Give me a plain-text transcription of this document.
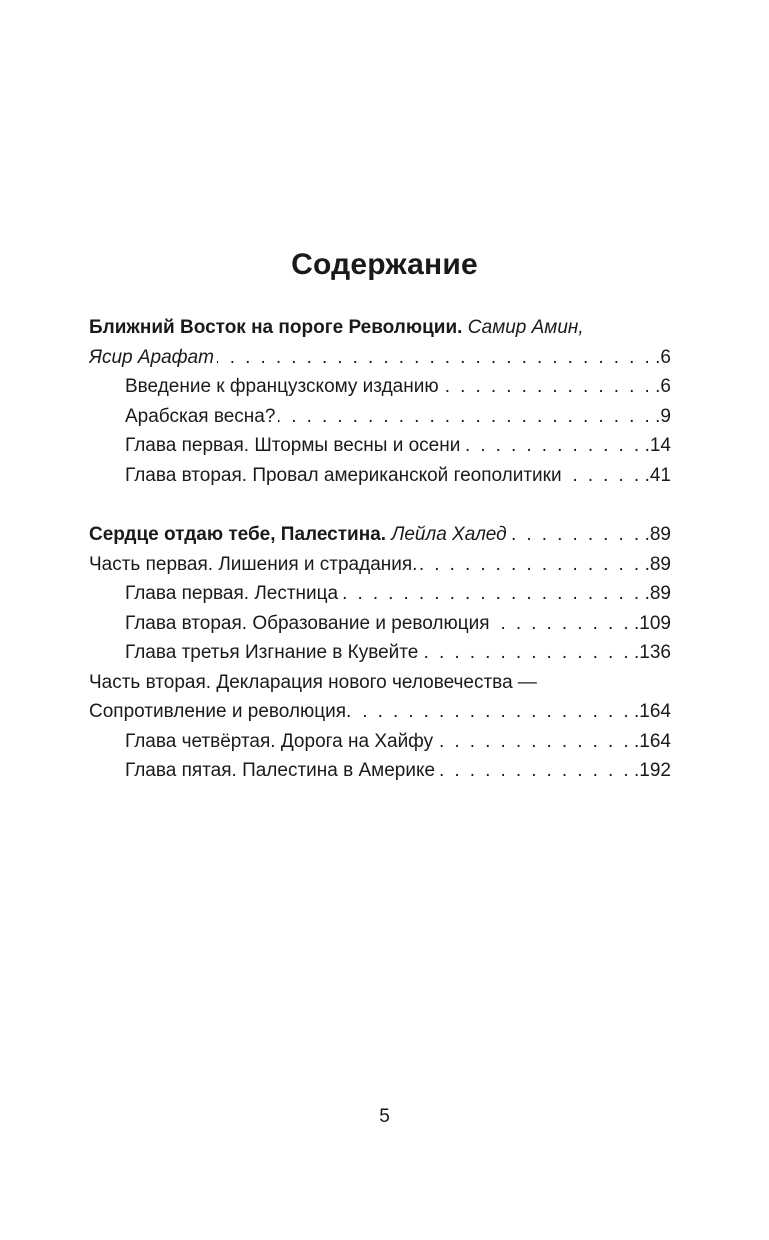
Содержание
Ближний Восток на пороге Революции.
Самир Амин,
Ясир Арафат . . .	.6
Введение к французскому изданию . . .	.6
Арабская весна? . . .	.9
Глава первая. Штормы весны и осени . . .	.14
Глава вторая. Провал американской геополитики . . .	.41
Сердце отдаю тебе, Палестина.
Лейла Халед . . .	.89
Часть первая. Лишения и страдания. . . .	.89
Глава первая. Лестница . . .	.89
Глава вторая. Образование и революция . . .	.109
Глава третья Изгнание в Кувейте . . .	.136
Часть вторая. Декларация нового человечества —
Сопротивление и революция. . . .	.164
Глава четвёртая. Дорога на Хайфу . . .	.164
Глава пятая. Палестина в Америке . . .	.192
5
